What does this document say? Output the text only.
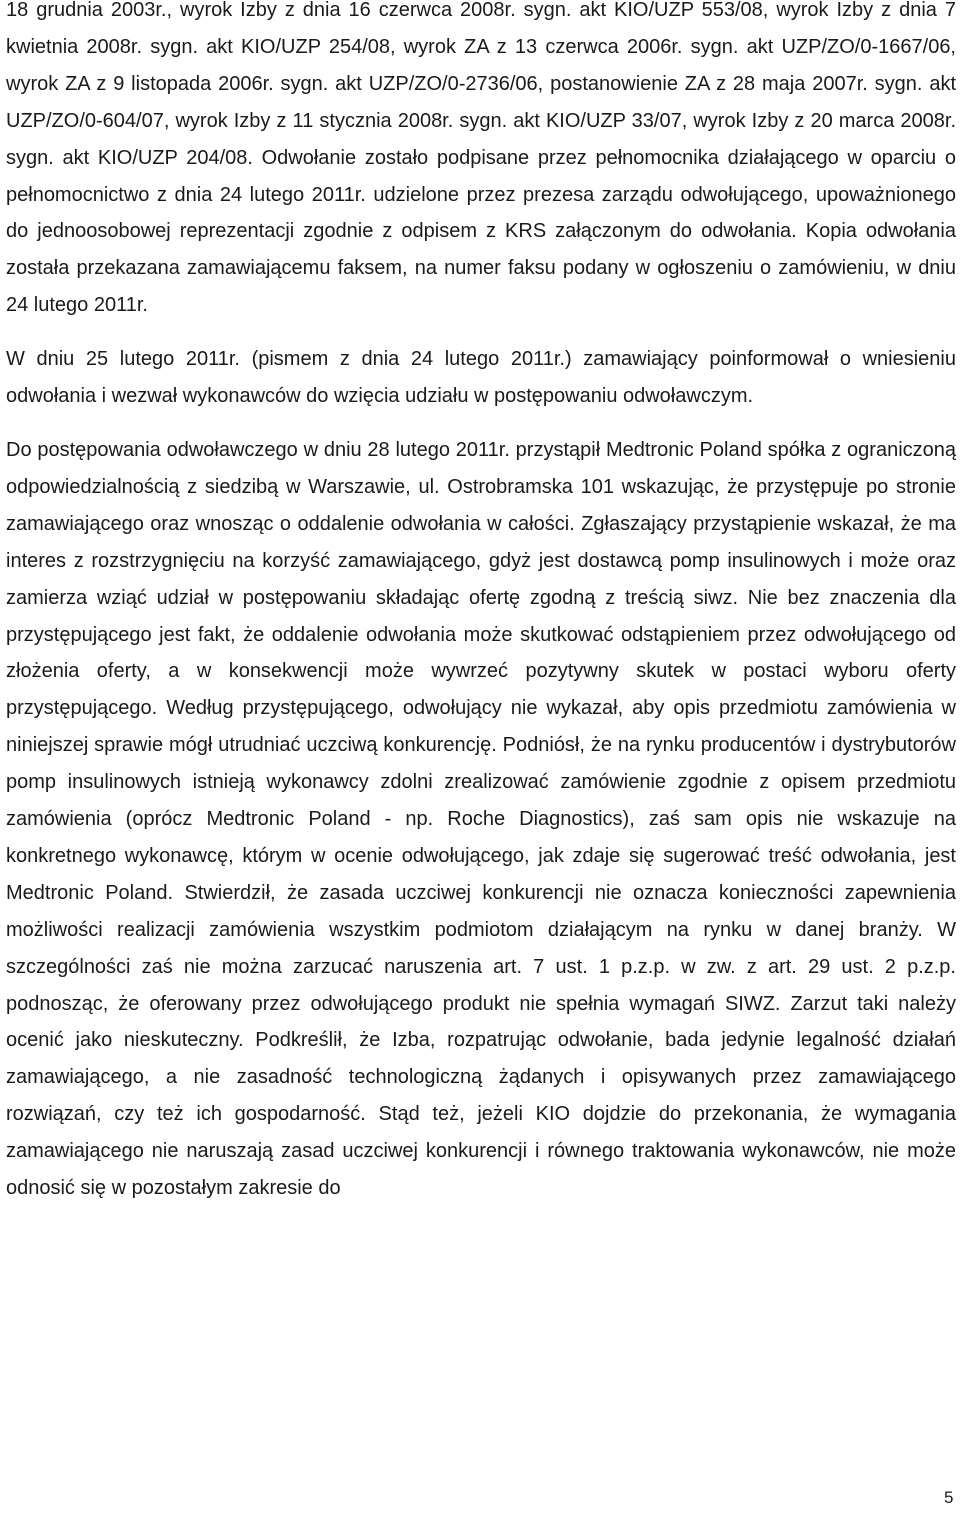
18 grudnia 2003r., wyrok Izby z dnia 16 czerwca 2008r. sygn. akt KIO/UZP 553/08, wyrok Izby z dnia 7 kwietnia 2008r. sygn. akt KIO/UZP 254/08, wyrok ZA z 13 czerwca 2006r. sygn. akt UZP/ZO/0-1667/06, wyrok ZA z 9 listopada 2006r. sygn. akt UZP/ZO/0-2736/06, postanowienie ZA z 28 maja 2007r. sygn. akt UZP/ZO/0-604/07, wyrok Izby z 11 stycznia 2008r. sygn. akt KIO/UZP 33/07, wyrok Izby z 20 marca 2008r. sygn. akt KIO/UZP 204/08. Odwołanie zostało podpisane przez pełnomocnika działającego w oparciu o pełnomocnictwo z dnia 24 lutego 2011r. udzielone przez prezesa zarządu odwołującego, upoważnionego do jednoosobowej reprezentacji zgodnie z odpisem z KRS załączonym do odwołania. Kopia odwołania została przekazana zamawiającemu faksem, na numer faksu podany w ogłoszeniu o zamówieniu, w dniu 24 lutego 2011r.

W dniu 25 lutego 2011r. (pismem z dnia 24 lutego 2011r.) zamawiający poinformował o wniesieniu odwołania i wezwał wykonawców do wzięcia udziału w postępowaniu odwoławczym.

Do postępowania odwoławczego w dniu 28 lutego 2011r. przystąpił Medtronic Poland spółka z ograniczoną odpowiedzialnością z siedzibą w Warszawie, ul. Ostrobramska 101 wskazując, że przystępuje po stronie zamawiającego oraz wnosząc o oddalenie odwołania w całości. Zgłaszający przystąpienie wskazał, że ma interes z rozstrzygnięciu na korzyść zamawiającego, gdyż jest dostawcą pomp insulinowych i może oraz zamierza wziąć udział w postępowaniu składając ofertę zgodną z treścią siwz. Nie bez znaczenia dla przystępującego jest fakt, że oddalenie odwołania może skutkować odstąpieniem przez odwołującego od złożenia oferty, a w konsekwencji może wywrzeć pozytywny skutek w postaci wyboru oferty przystępującego. Według przystępującego, odwołujący nie wykazał, aby opis przedmiotu zamówienia w niniejszej sprawie mógł utrudniać uczciwą konkurencję. Podniósł, że na rynku producentów i dystrybutorów pomp insulinowych istnieją wykonawcy zdolni zrealizować zamówienie zgodnie z opisem przedmiotu zamówienia (oprócz Medtronic Poland - np. Roche Diagnostics), zaś sam opis nie wskazuje na konkretnego wykonawcę, którym w ocenie odwołującego, jak zdaje się sugerować treść odwołania, jest Medtronic Poland. Stwierdził, że zasada uczciwej konkurencji nie oznacza konieczności zapewnienia możliwości realizacji zamówienia wszystkim podmiotom działającym na rynku w danej branży. W szczególności zaś nie można zarzucać naruszenia art. 7 ust. 1 p.z.p. w zw. z art. 29 ust. 2 p.z.p. podnosząc, że oferowany przez odwołującego produkt nie spełnia wymagań SIWZ. Zarzut taki należy ocenić jako nieskuteczny. Podkreślił, że Izba, rozpatrując odwołanie, bada jedynie legalność działań zamawiającego, a nie zasadność technologiczną żądanych i opisywanych przez zamawiającego rozwiązań, czy też ich gospodarność. Stąd też, jeżeli KIO dojdzie do przekonania, że wymagania zamawiającego nie naruszają zasad uczciwej konkurencji i równego traktowania wykonawców, nie może odnosić się w pozostałym zakresie do

5
